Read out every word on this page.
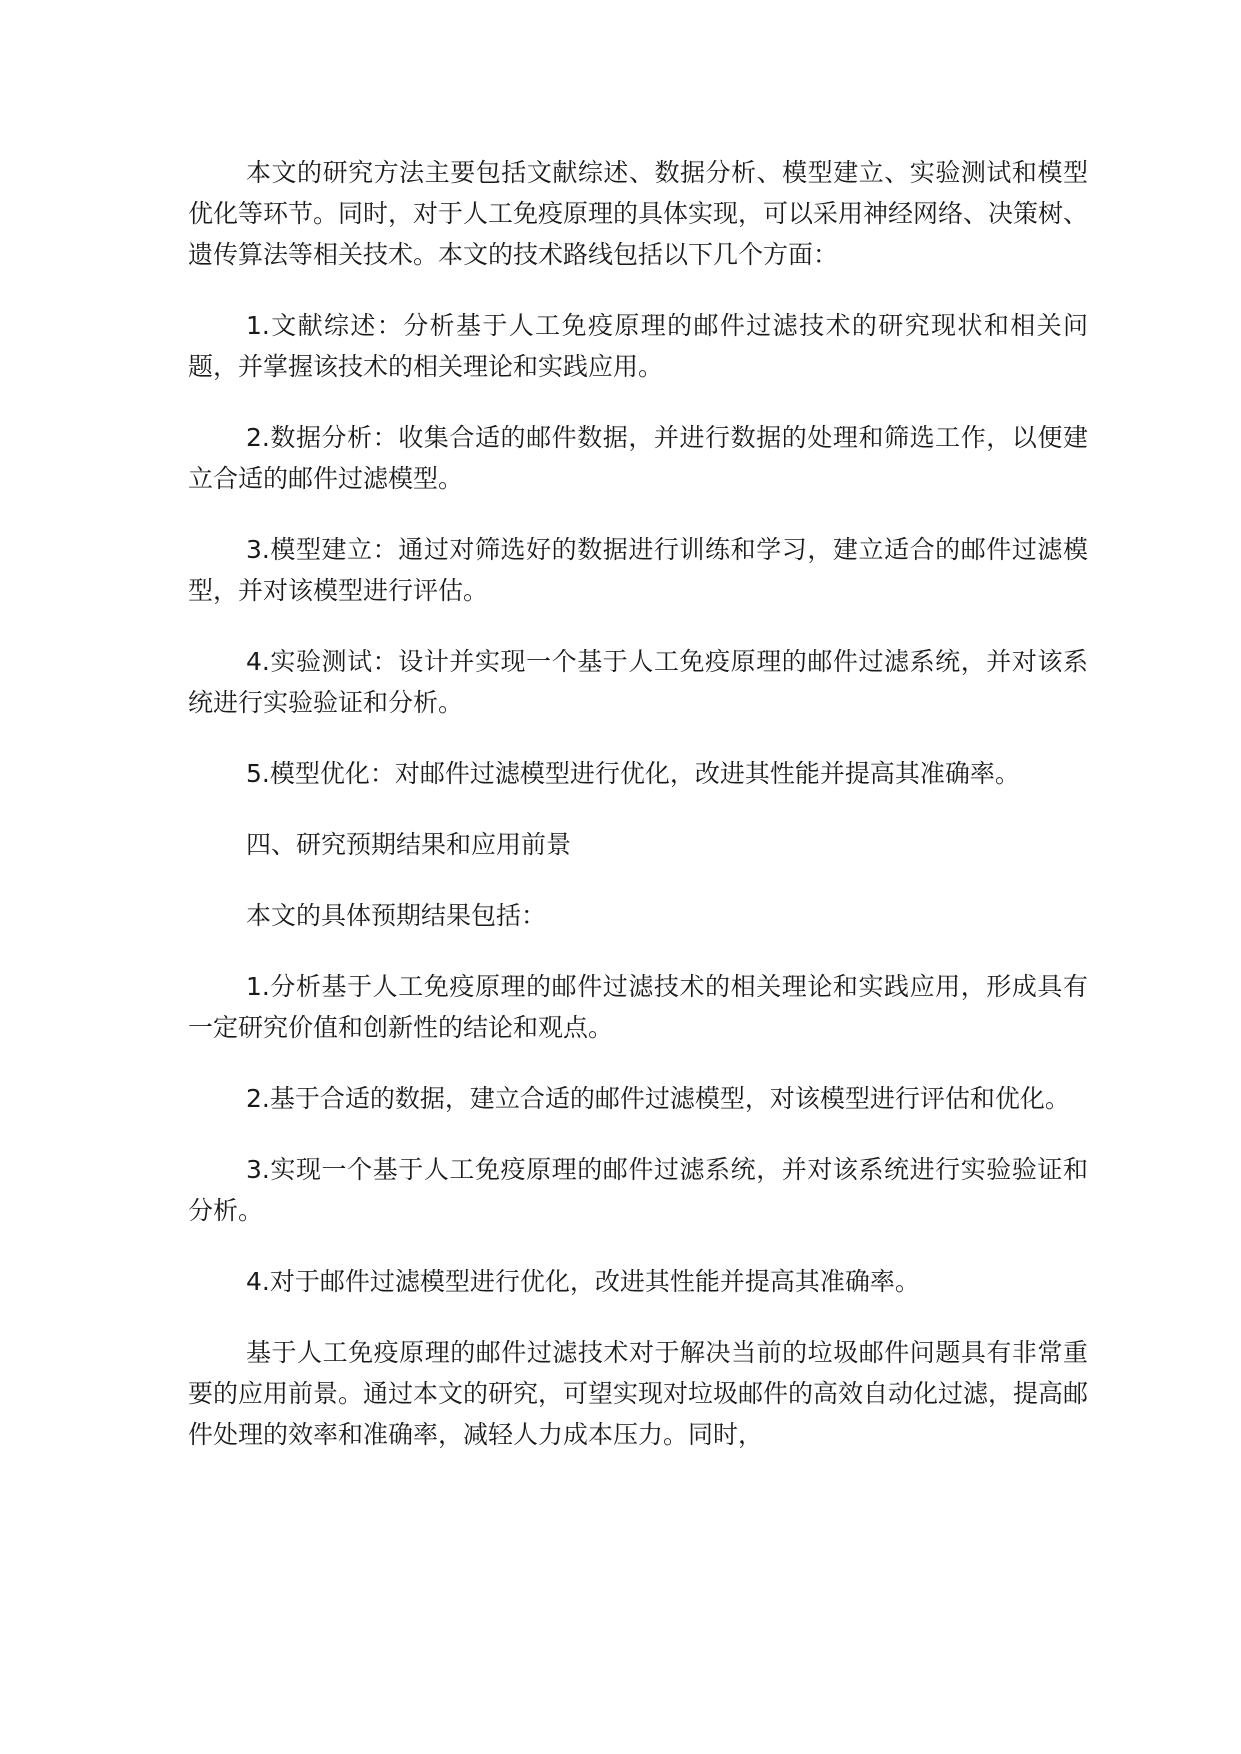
本文的研究方法主要包括文献综述、数据分析、模型建立、实验测试和模型优化等环节。同时，对于人工免疫原理的具体实现，可以采用神经网络、决策树、遗传算法等相关技术。本文的技术路线包括以下几个方面：

1.文献综述：分析基于人工免疫原理的邮件过滤技术的研究现状和相关问题，并掌握该技术的相关理论和实践应用。

2.数据分析：收集合适的邮件数据，并进行数据的处理和筛选工作，以便建立合适的邮件过滤模型。

3.模型建立：通过对筛选好的数据进行训练和学习，建立适合的邮件过滤模型，并对该模型进行评估。

4.实验测试：设计并实现一个基于人工免疫原理的邮件过滤系统，并对该系统进行实验验证和分析。

5.模型优化：对邮件过滤模型进行优化，改进其性能并提高其准确率。

四、研究预期结果和应用前景

本文的具体预期结果包括：

1.分析基于人工免疫原理的邮件过滤技术的相关理论和实践应用，形成具有一定研究价值和创新性的结论和观点。

2.基于合适的数据，建立合适的邮件过滤模型，对该模型进行评估和优化。

3.实现一个基于人工免疫原理的邮件过滤系统，并对该系统进行实验验证和分析。

4.对于邮件过滤模型进行优化，改进其性能并提高其准确率。

基于人工免疫原理的邮件过滤技术对于解决当前的垃圾邮件问题具有非常重要的应用前景。通过本文的研究，可望实现对垃圾邮件的高效自动化过滤，提高邮件处理的效率和准确率，减轻人力成本压力。同时，
